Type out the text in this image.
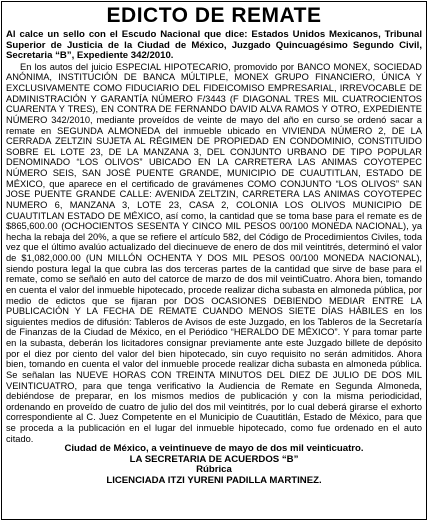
EDICTO DE REMATE

Al calce un sello con el Escudo Nacional que dice: Estados Unidos Mexicanos, Tribunal Superior de Justicia de la Ciudad de México, Juzgado Quincuagésimo Segundo Civil, Secretaria “B”, Expediente 342/2010.

En los autos del juicio ESPECIAL HIPOTECARIO, promovido por BANCO MONEX, SOCIEDAD ANÓNIMA, INSTITUCIÓN DE BANCA MÚLTIPLE, MONEX GRUPO FINANCIERO, ÚNICA Y EXCLUSIVAMENTE COMO FIDUCIARIO DEL FIDEICOMISO EMPRESARIAL, IRREVOCABLE DE ADMINISTRACIÓN Y GARANTÍA NÚMERO F/3443 (F DIAGONAL TRES MIL CUATROCIENTOS CUARENTA Y TRES), EN CONTRA DE FERNANDO DAVID ALVA RAMOS Y OTRO, EXPEDIENTE NÚMERO 342/2010, mediante proveídos de veinte de mayo del año en curso se ordenó sacar a remate en SEGUNDA ALMONEDA del inmueble ubicado en VIVIENDA NÚMERO 2, DE LA CERRADA ZELTZIN SUJETA AL RÉGIMEN DE PROPIEDAD EN CONDOMINIO, CONSTITUIDO SOBRE EL LOTE 23, DE LA MANZANA 3, DEL CONJUNTO URBANO DE TIPO POPULAR DENOMINADO “LOS OLIVOS” UBICADO EN LA CARRETERA LAS ANIMAS COYOTEPEC NÚMERO SEIS, SAN JOSÉ PUENTE GRANDE, MUNICIPIO DE CUAUTITLAN, ESTADO DE MÉXICO, que aparece en el certificado de gravámenes COMO CONJUNTO “LOS OLIVOS” SAN JOSE PUENTE GRANDE CALLE: AVENIDA ZELTZIN, CARRETERA LAS ANIMAS COYOTEPEC NUMERO 6, MANZANA 3, LOTE 23, CASA 2, COLONIA LOS OLIVOS MUNICIPIO DE CUAUTITLAN ESTADO DE MÉXICO, así como, la cantidad que se toma base para el remate es de $865,600.00 (OCHOCIENTOS SESENTA Y CINCO MIL PESOS 00/100 MONEDA NACIONAL), ya hecha la rebaja del 20%, a que se refiere el artículo 582, del Código de Procedimientos Civiles, toda vez que el último avalúo actualizado del diecinueve de enero de dos mil veintitrés, determinó el valor de $1,082,000.00 (UN MILLÓN OCHENTA Y DOS MIL PESOS 00/100 MONEDA NACIONAL), siendo postura legal la que cubra las dos terceras partes de la cantidad que sirve de base para el remate, como se señaló en auto del catorce de marzo de dos mil veintiCuatro. Ahora bien, tomando en cuenta el valor del inmueble hipotecado, procede realizar dicha subasta en almoneda pública, por medio de edictos que se fijaran por DOS OCASIONES DEBIENDO MEDIAR ENTRE LA PUBLICACIÓN Y LA FECHA DE REMATE CUANDO MENOS SIETE DÍAS HÁBILES en los siguientes medios de difusión: Tableros de Avisos de este Juzgado, en los Tableros de la Secretaría de Finanzas de la Ciudad de México, en el Periódico “HERALDO DE MÉXICO”. Y para tomar parte en la subasta, deberán los licitadores consignar previamente ante este Juzgado billete de depósito por el diez por ciento del valor del bien hipotecado, sin cuyo requisito no serán admitidos. Ahora bien, tomando en cuenta el valor del inmueble procede realizar dicha subasta en almoneda pública. Se señalan las NUEVE HORAS CON TREINTA MINUTOS DEL DIEZ DE JULIO DE DOS MIL VEINTICUATRO, para que tenga verificativo la Audiencia de Remate en Segunda Almoneda, debiéndose de preparar, en los mismos medios de publicación y con la misma periodicidad, ordenando en proveído de cuatro de julio del dos mil veintitrés, por lo cual deberá girarse el exhorto correspondiente al C. Juez Competente en el Municipio de Cuautitlán, Estado de México, para que se proceda a la publicación en el lugar del inmueble hipotecado, como fue ordenado en el auto citado.

Ciudad de México, a veintinueve de mayo de dos mil veinticuatro.

LA SECRETARIA DE ACUERDOS “B”

Rúbrica

LICENCIADA ITZI YURENI PADILLA MARTINEZ.
